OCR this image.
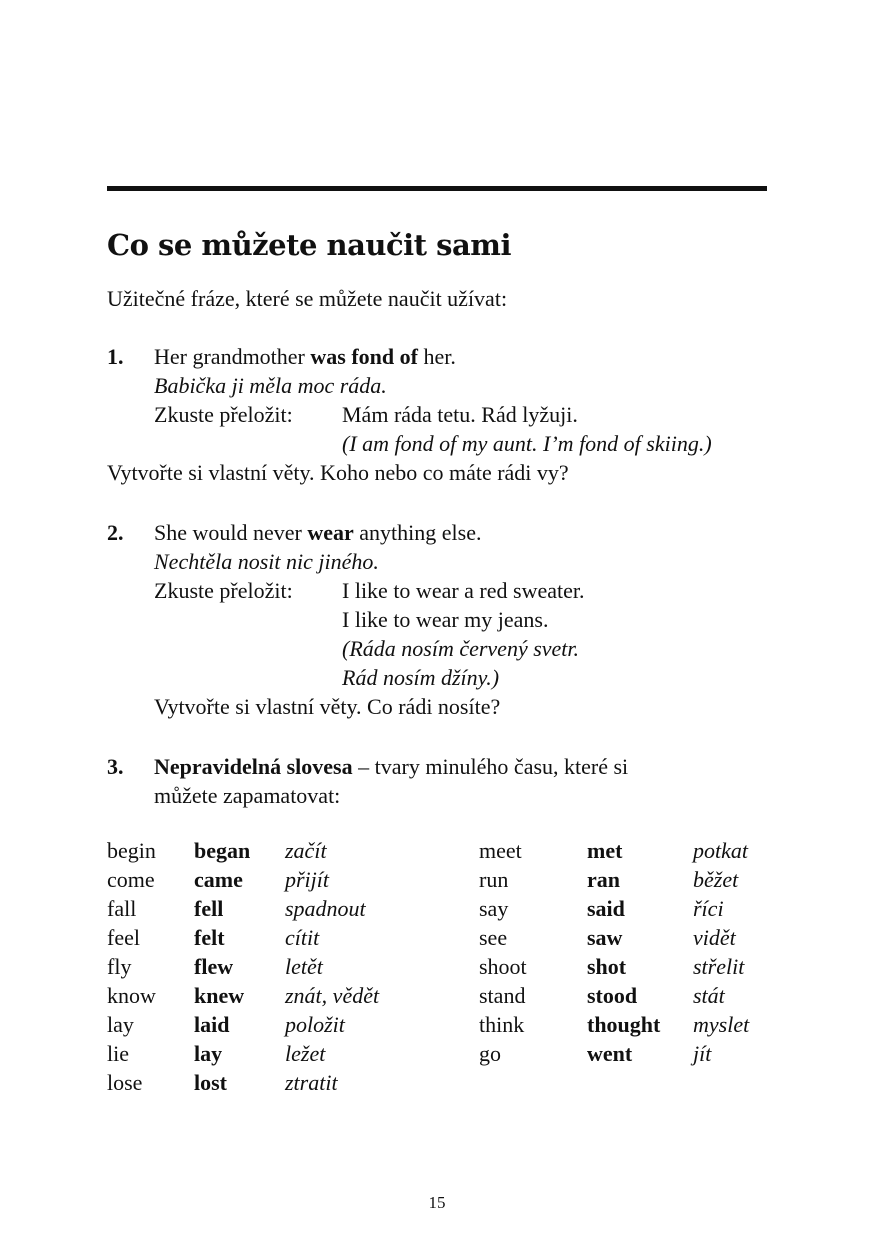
Co se můžete naučit sami

Užitečné fráze, které se můžete naučit užívat:

1. Her grandmother was fond of her.

Babička ji měla moc ráda.

Zkuste přeložit: Mám ráda tetu. Rád lyžuji.

(I am fond of my aunt. I’m fond of skiing.)

Vytvořte si vlastní věty. Koho nebo co máte rádi vy?

2. She would never wear anything else.

Nechtěla nosit nic jiného.

Zkuste přeložit: I like to wear a red sweater.

I like to wear my jeans.

(Ráda nosím červený svetr.

Rád nosím džíny.)

Vytvořte si vlastní věty. Co rádi nosíte?

3. Nepravidelná slovesa – tvary minulého času, které si

můžete zapamatovat:

begin began začít
come came přijít
fall	fell	spadnout
feel felt	cítit
fly	flew letět
know knew znát, vědět
lay	laid	položit
lie	lay	ležet
lose lost	ztratit
meet	met	potkat
run	ran	běžet
say	said	říci
see	saw	vidět
shoot	shot	střelit
stand	stood	stát
think	thought myslet
go	went	jít

15
